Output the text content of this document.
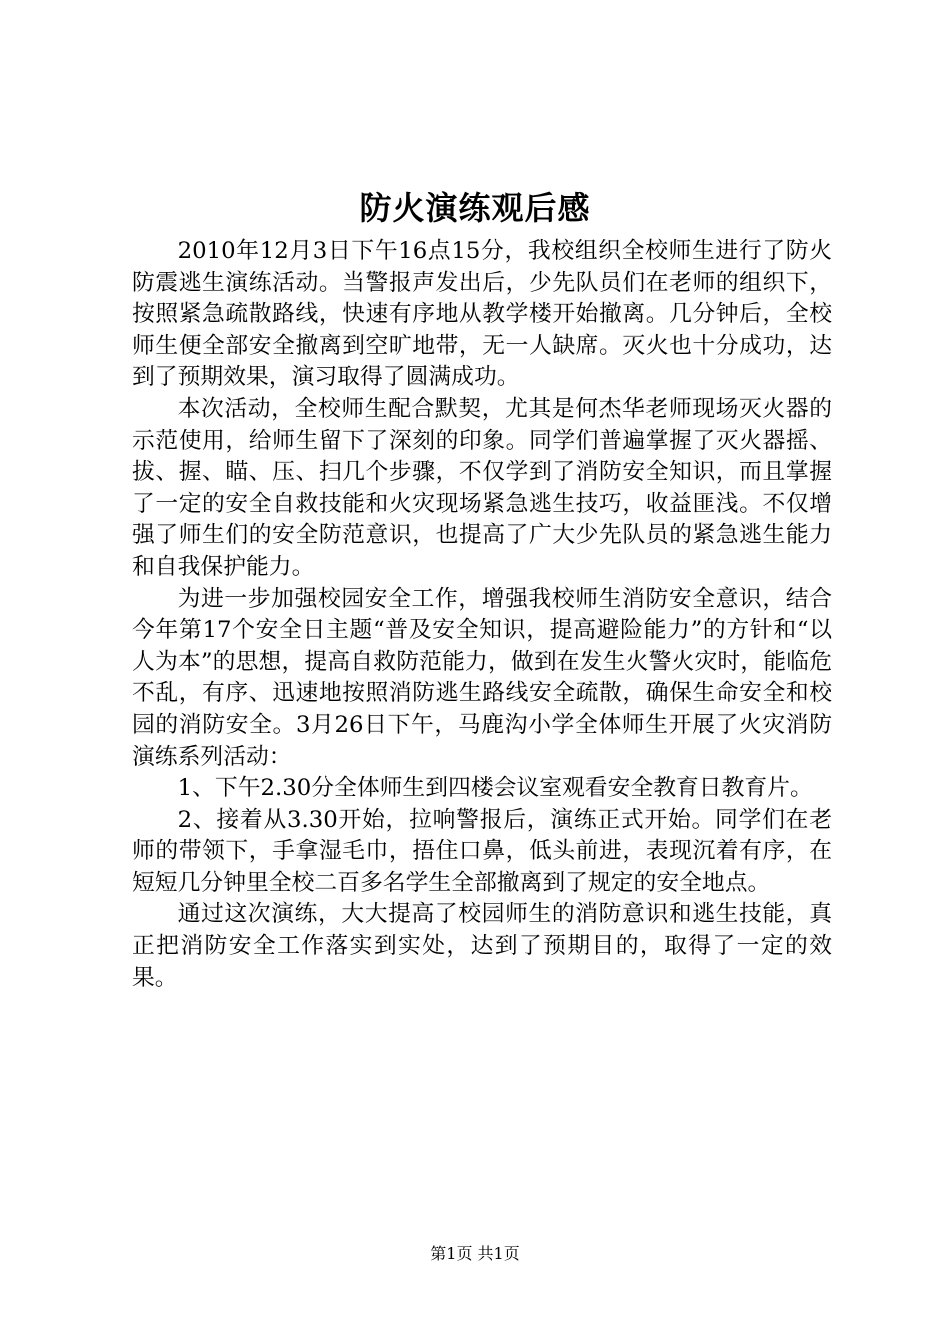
防火演练观后感

2010年12月3日下午16点15分，我校组织全校师生进行了防火防震逃生演练活动。当警报声发出后，少先队员们在老师的组织下，按照紧急疏散路线，快速有序地从教学楼开始撤离。几分钟后，全校师生便全部安全撤离到空旷地带，无一人缺席。灭火也十分成功，达到了预期效果，演习取得了圆满成功。

本次活动，全校师生配合默契，尤其是何杰华老师现场灭火器的示范使用，给师生留下了深刻的印象。同学们普遍掌握了灭火器摇、拔、握、瞄、压、扫几个步骤，不仅学到了消防安全知识，而且掌握了一定的安全自救技能和火灾现场紧急逃生技巧，收益匪浅。不仅增强了师生们的安全防范意识，也提高了广大少先队员的紧急逃生能力和自我保护能力。

为进一步加强校园安全工作，增强我校师生消防安全意识，结合今年第17个安全日主题“普及安全知识，提高避险能力”的方针和“以人为本”的思想，提高自救防范能力，做到在发生火警火灾时，能临危不乱，有序、迅速地按照消防逃生路线安全疏散，确保生命安全和校园的消防安全。3月26日下午，马鹿沟小学全体师生开展了火灾消防演练系列活动：

1、下午2.30分全体师生到四楼会议室观看安全教育日教育片。

2、接着从3.30开始，拉响警报后，演练正式开始。同学们在老师的带领下，手拿湿毛巾，捂住口鼻，低头前进，表现沉着有序，在短短几分钟里全校二百多名学生全部撤离到了规定的安全地点。

通过这次演练，大大提高了校园师生的消防意识和逃生技能，真正把消防安全工作落实到实处，达到了预期目的，取得了一定的效果。

第1页 共1页
